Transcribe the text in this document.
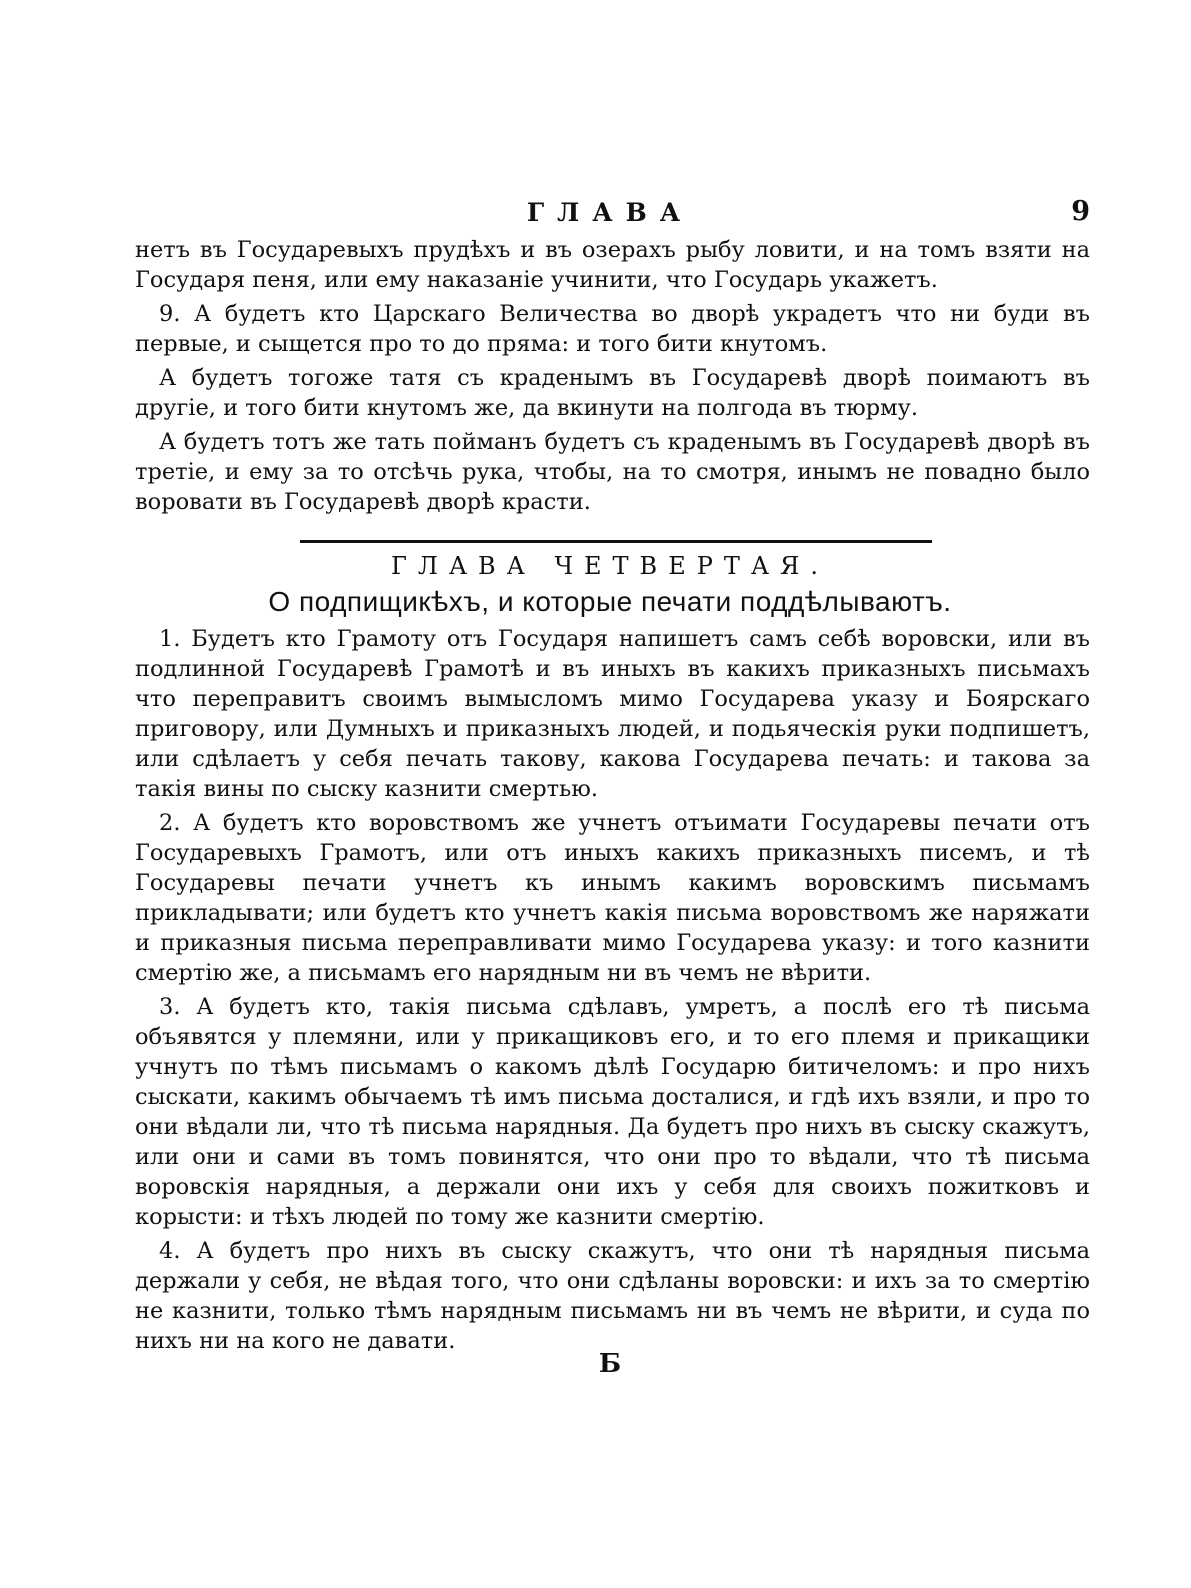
ГЛАВА	9

нетъ въ Государевыхъ прудѣхъ и въ озерахъ рыбу ловити, и на томъ взяти на Государя пеня, или ему наказаніе учинити, что Государь укажетъ.

9. А будетъ кто Царскаго Величества во дворѣ украдетъ что ни буди въ первые, и сыщется про то до пряма: и того бити кнутомъ.

А будетъ тогоже татя съ краденымъ въ Государевѣ дворѣ поимаютъ въ другіе, и того бити кнутомъ же, да вкинути на полгода въ тюрму.

А будетъ тотъ же тать пойманъ будетъ съ краденымъ въ Государевѣ дворѣ въ третіе, и ему за то отсѣчь рука, чтобы, на то смотря, инымъ не повадно было воровати въ Государевѣ дворѣ красти.

ГЛАВА ЧЕТВЕРТАЯ.
О подпищикѣхъ, и которые печати поддѣлываютъ.

1. Будетъ кто Грамоту отъ Государя напишетъ самъ себѣ воровски, или въ подлинной Государевѣ Грамотѣ и въ иныхъ въ какихъ приказныхъ письмахъ что переправитъ своимъ вымысломъ мимо Государева указу и Боярскаго приговору, или Думныхъ и приказныхъ людей, и подьяческія руки подпишетъ, или сдѣлаетъ у себя печать такову, какова Государева печать: и такова за такія вины по сыску казнити смертью.

2. А будетъ кто воровствомъ же учнетъ отъимати Государевы печати отъ Государевыхъ Грамотъ, или отъ иныхъ какихъ приказныхъ писемъ, и тѣ Государевы печати учнетъ къ инымъ какимъ воровскимъ письмамъ прикладывати; или будетъ кто учнетъ какія письма воровствомъ же наряжати и приказныя письма переправливати мимо Государева указу: и того казнити смертію же, а письмамъ его нарядным ни въ чемъ не вѣрити.

3. А будетъ кто, такія письма сдѣлавъ, умретъ, а послѣ его тѣ письма объявятся у племяни, или у прикащиковъ его, и то его племя и прикащики учнутъ по тѣмъ письмамъ о какомъ дѣлѣ Государю битичеломъ: и про нихъ сыскати, какимъ обычаемъ тѣ имъ письма досталися, и гдѣ ихъ взяли, и про то они вѣдали ли, что тѣ письма нарядныя. Да будетъ про нихъ въ сыску скажутъ, или они и сами въ томъ повинятся, что они про то вѣдали, что тѣ письма воровскія нарядныя, а держали они ихъ у себя для своихъ пожитковъ и корысти: и тѣхъ людей по тому же казнити смертію.

4. А будетъ про нихъ въ сыску скажутъ, что они тѣ нарядныя письма держали у себя, не вѣдая того, что они сдѣланы воровски: и ихъ за то смертію не казнити, только тѣмъ нарядным письмамъ ни въ чемъ не вѣрити, и суда по нихъ ни на кого не давати.

Б
